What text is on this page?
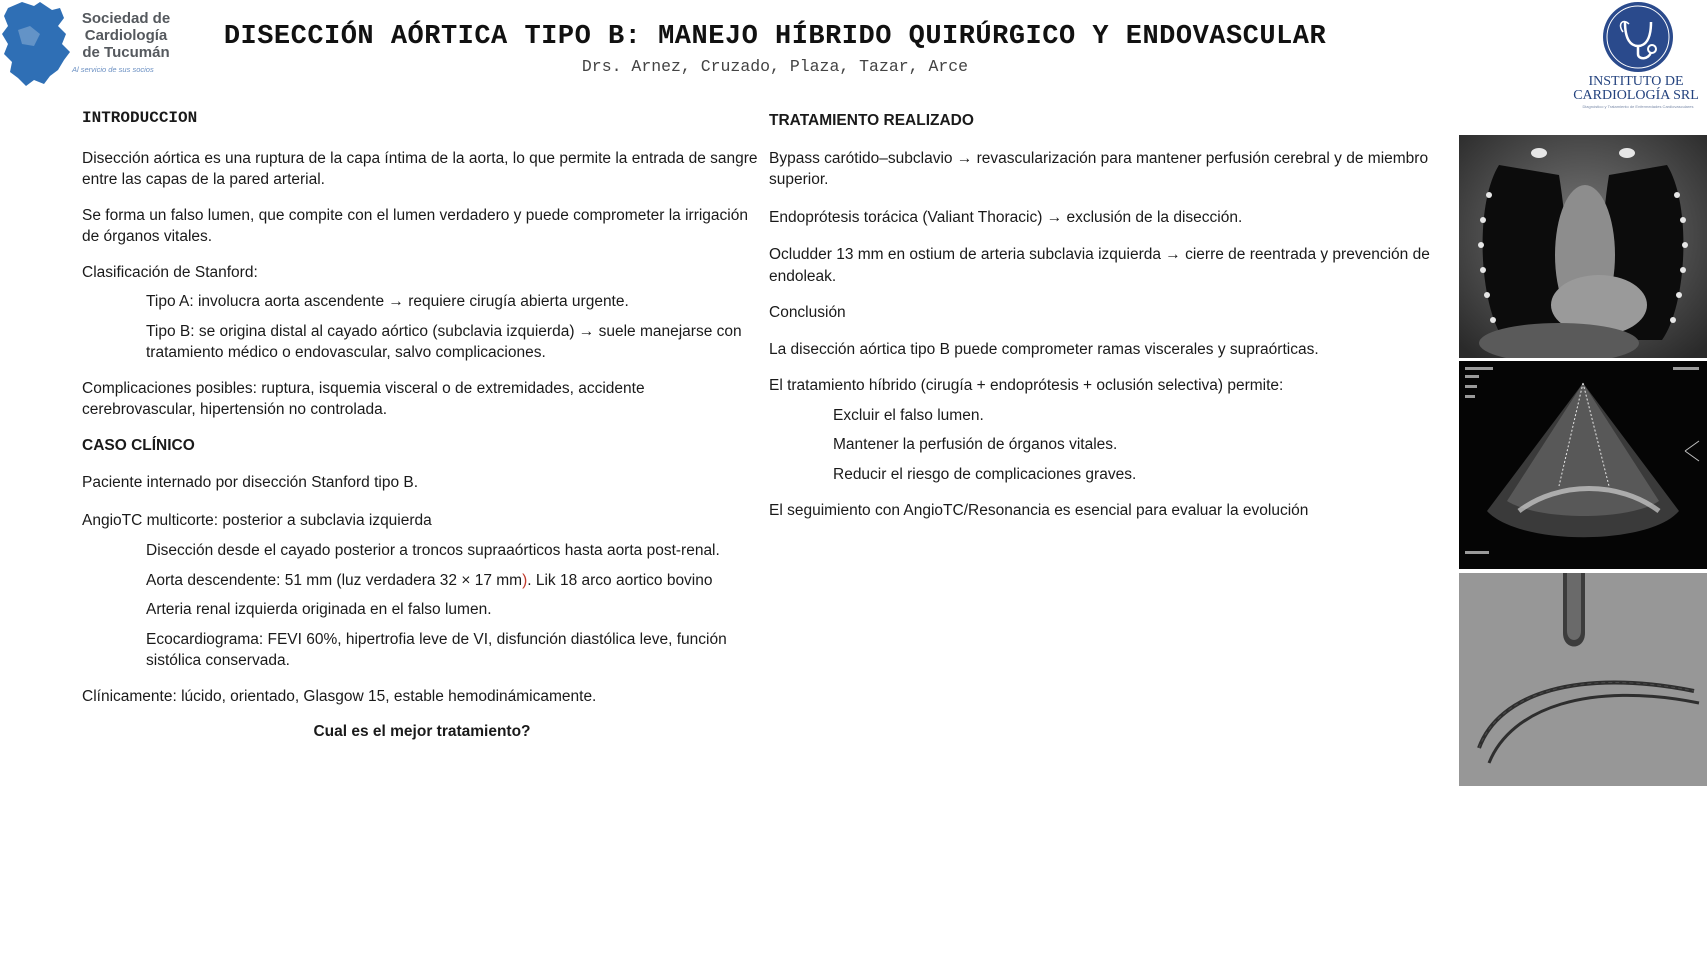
Sociedad de
Cardiología
de Tucumán
Al servicio de sus socios
DISECCIÓN AÓRTICA TIPO B: MANEJO HÍBRIDO QUIRÚRGICO Y ENDOVASCULAR
Drs. Arnez, Cruzado, Plaza, Tazar, Arce
INSTITUTO DE
CARDIOLOGÍA SRL
Diagnóstico y Tratamiento de Enfermedades Cardiovasculares

INTRODUCCION

Disección aórtica es una ruptura de la capa íntima de la aorta, lo que permite la entrada de sangre entre las capas de la pared arterial.

Se forma un falso lumen, que compite con el lumen verdadero y puede comprometer la irrigación de órganos vitales.

Clasificación de Stanford:

Tipo A: involucra aorta ascendente → requiere cirugía abierta urgente.

Tipo B: se origina distal al cayado aórtico (subclavia izquierda) → suele manejarse con tratamiento médico o endovascular, salvo complicaciones.

Complicaciones posibles: ruptura, isquemia visceral o de extremidades, accidente cerebrovascular, hipertensión no controlada.

CASO CLÍNICO

Paciente internado por disección Stanford tipo B.

AngioTC multicorte: posterior a subclavia izquierda

Disección desde el cayado posterior a troncos supraaórticos hasta aorta post-renal.

Aorta descendente: 51 mm (luz verdadera 32 × 17 mm). Lik 18 arco aortico bovino

Arteria renal izquierda originada en el falso lumen.

Ecocardiograma: FEVI 60%, hipertrofia leve de VI, disfunción diastólica leve, función sistólica conservada.

Clínicamente: lúcido, orientado, Glasgow 15, estable hemodinámicamente.

Cual es el mejor tratamiento?

TRATAMIENTO REALIZADO

Bypass carótido–subclavio → revascularización para mantener perfusión cerebral y de miembro superior.

Endoprótesis torácica (Valiant Thoracic) → exclusión de la disección.

Ocludder 13 mm en ostium de arteria subclavia izquierda → cierre de reentrada y prevención de endoleak.

Conclusión

La disección aórtica tipo B puede comprometer ramas viscerales y supraórticas.

El tratamiento híbrido (cirugía + endoprótesis + oclusión selectiva) permite:

Excluir el falso lumen.

Mantener la perfusión de órganos vitales.

Reducir el riesgo de complicaciones graves.

El seguimiento con AngioTC/Resonancia es esencial para evaluar la evolución
